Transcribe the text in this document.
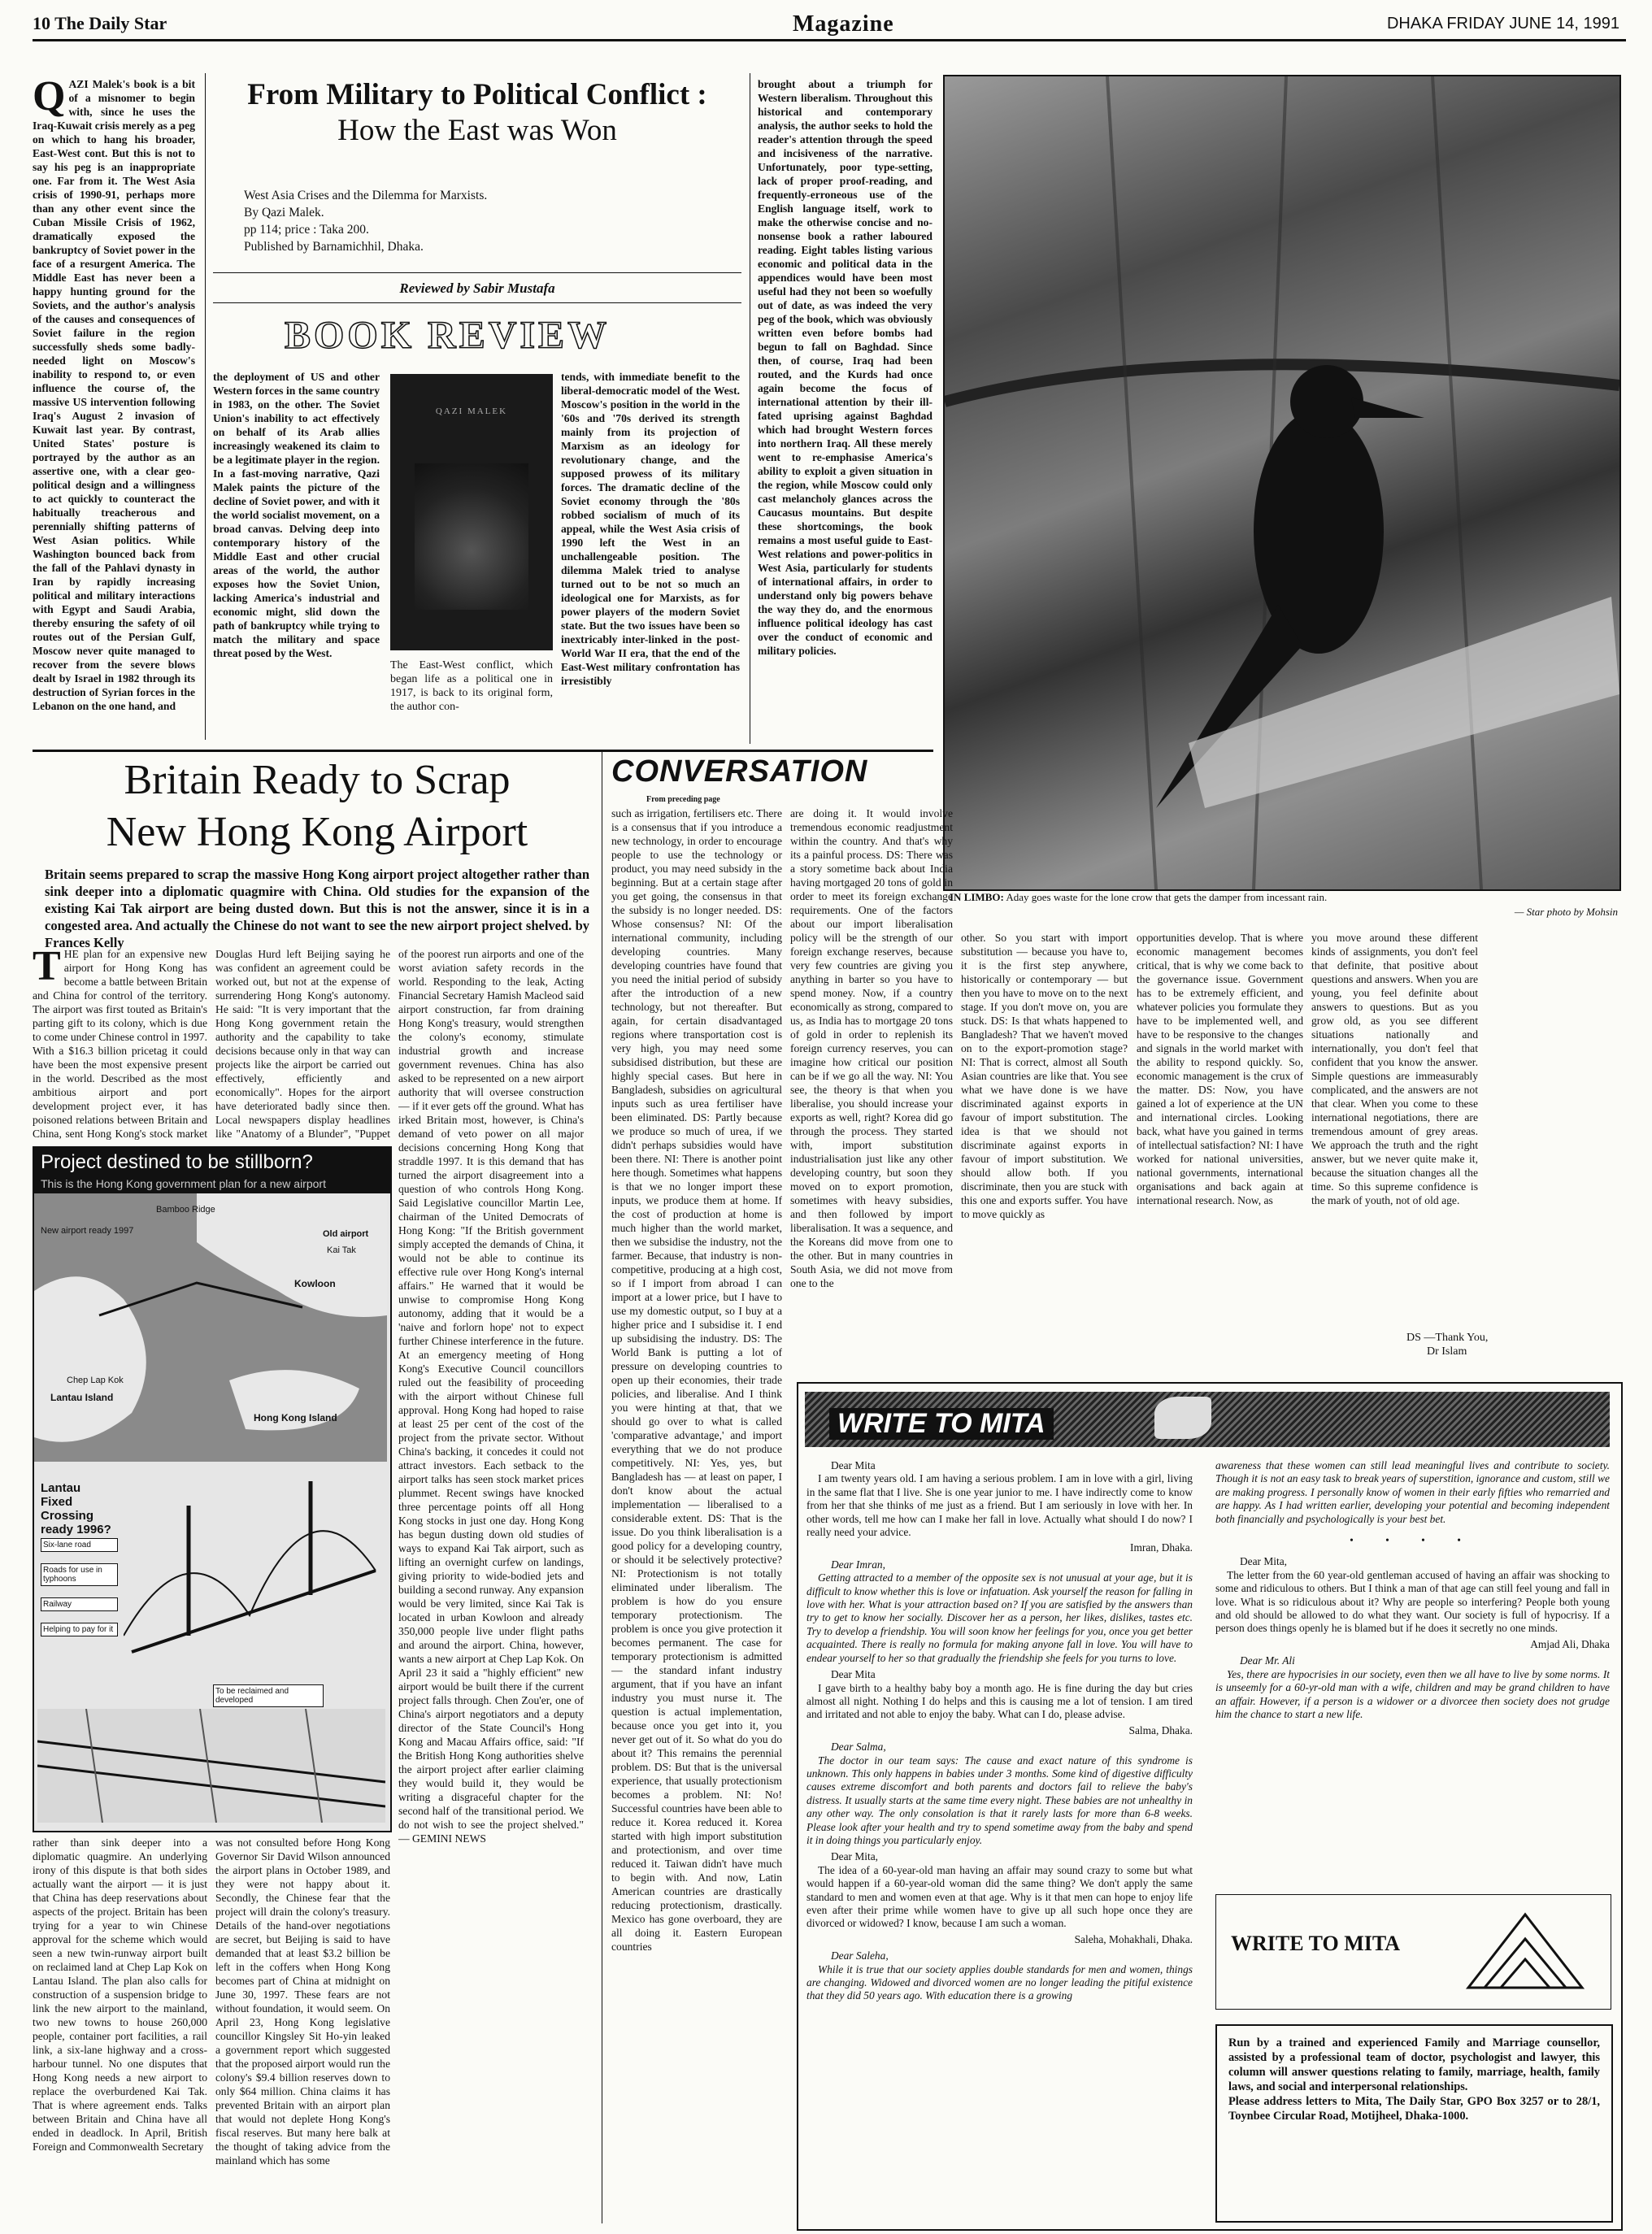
10 The Daily Star	Magazine	DHAKA FRIDAY JUNE 14, 1991
QAZI Malek's book is a bit of a misnomer to begin with, since he uses the Iraq-Kuwait crisis merely as a peg on which to hang his broader, East-West cont. But this is not to say his peg is an inappropriate one. Far from it. The West Asia crisis of 1990-91, perhaps more than any other event since the Cuban Missile Crisis of 1962, dramatically exposed the bankruptcy of Soviet power in the face of a resurgent America. The Middle East has never been a happy hunting ground for the Soviets, and the author's analysis of the causes and consequences of Soviet failure in the region successfully sheds some badly-needed light on Moscow's inability to respond to, or even influence the course of, the massive US intervention following Iraq's August 2 invasion of Kuwait last year. By contrast, United States' posture is portrayed by the author as an assertive one, with a clear geo-political design and a willingness to act quickly to counteract the habitually treacherous and perennially shifting patterns of West Asian politics. While Washington bounced back from the fall of the Pahlavi dynasty in Iran by rapidly increasing political and military interactions with Egypt and Saudi Arabia, thereby ensuring the safety of oil routes out of the Persian Gulf, Moscow never quite managed to recover from the severe blows dealt by Israel in 1982 through its destruction of Syrian forces in the Lebanon on the one hand, and
From Military to Political Conflict :
How the East was Won
West Asia Crises and the Dilemma for Marxists.
By Qazi Malek.
pp 114; price : Taka 200.
Published by Barnamichhil, Dhaka.
Reviewed by Sabir Mustafa
BOOK REVIEW
the deployment of US and other Western forces in the same country in 1983, on the other. The Soviet Union's inability to act effectively on behalf of its Arab allies increasingly weakened its claim to be a legitimate player in the region. In a fast-moving narrative, Qazi Malek paints the picture of the decline of Soviet power, and with it the world socialist movement, on a broad canvas. Delving deep into contemporary history of the Middle East and other crucial areas of the world, the author exposes how the Soviet Union, lacking America's industrial and economic might, slid down the path of bankruptcy while trying to match the military and space threat posed by the West.
QAZI MALEK
The East-West conflict, which began life as a political one in 1917, is back to its original form, the author con-
tends, with immediate benefit to the liberal-democratic model of the West. Moscow's position in the world in the '60s and '70s derived its strength mainly from its projection of Marxism as an ideology for revolutionary change, and the supposed prowess of its military forces. The dramatic decline of the Soviet economy through the '80s robbed socialism of much of its appeal, while the West Asia crisis of 1990 left the West in an unchallengeable position. The dilemma Malek tried to analyse turned out to be not so much an ideological one for Marxists, as for power players of the modern Soviet state. But the two issues have been so inextricably inter-linked in the post-World War II era, that the end of the East-West military confrontation has irresistibly
brought about a triumph for Western liberalism. Throughout this historical and contemporary analysis, the author seeks to hold the reader's attention through the speed and incisiveness of the narrative. Unfortunately, poor type-setting, lack of proper proof-reading, and frequently-erroneous use of the English language itself, work to make the otherwise concise and no-nonsense book a rather laboured reading. Eight tables listing various economic and political data in the appendices would have been most useful had they not been so woefully out of date, as was indeed the very peg of the book, which was obviously written even before bombs had begun to fall on Baghdad. Since then, of course, Iraq had been routed, and the Kurds had once again become the focus of international attention by their ill-fated uprising against Baghdad which had brought Western forces into northern Iraq. All these merely went to re-emphasise America's ability to exploit a given situation in the region, while Moscow could only cast melancholy glances across the Caucasus mountains. But despite these shortcomings, the book remains a most useful guide to East-West relations and power-politics in West Asia, particularly for students of international affairs, in order to understand only big powers behave the way they do, and the enormous influence political ideology has cast over the conduct of economic and military policies.
IN LIMBO: Aday goes waste for the lone crow that gets the damper from incessant rain.
— Star photo by Mohsin
Britain Ready to Scrap
New Hong Kong Airport
Britain seems prepared to scrap the massive Hong Kong airport project altogether rather than sink deeper into a diplomatic quagmire with China. Old studies for the expansion of the existing Kai Tak airport are being dusted down. But this is not the answer, since it is in a congested area. And actually the Chinese do not want to see the new airport project shelved. by Frances Kelly
THE plan for an expensive new airport for Hong Kong has become a battle between Britain and China for control of the territory. The airport was first touted as Britain's parting gift to its colony, which is due to come under Chinese control in 1997. With a $16.3 billion pricetag it could have been the most expensive present in the world. Described as the most ambitious airport and port development project ever, it has poisoned relations between Britain and China, sent Hong Kong's stock market
Douglas Hurd left Beijing saying he was confident an agreement could be worked out, but not at the expense of surrendering Hong Kong's autonomy. He said: "It is very important that the Hong Kong government retain the authority and the capability to take decisions because only in that way can projects like the airport be carried out effectively, efficiently and economically". Hopes for the airport have deteriorated badly since then. Local newspapers display headlines like "Anatomy of a Blunder", "Puppet
of the poorest run airports and one of the worst aviation safety records in the world. Responding to the leak, Acting Financial Secretary Hamish Macleod said airport construction, far from draining Hong Kong's treasury, would strengthen the colony's economy, stimulate industrial growth and increase government revenues. China has also asked to be represented on a new airport authority that will oversee construction — if it ever gets off the ground. What has irked Britain most, however, is China's demand of veto power on all major decisions concerning Hong Kong that straddle 1997. It is this demand that has turned the airport disagreement into a question of who controls Hong Kong. Said Legislative councillor Martin Lee, chairman of the United Democrats of Hong Kong: "If the British government simply accepted the demands of China, it would not be able to continue its effective rule over Hong Kong's internal affairs." He warned that it would be unwise to compromise Hong Kong autonomy, adding that it would be a 'naive and forlorn hope' not to expect further Chinese interference in the future. At an emergency meeting of Hong Kong's Executive Council councillors ruled out the feasibility of proceeding with the airport without Chinese full approval. Hong Kong had hoped to raise at least 25 per cent of the cost of the project from the private sector. Without China's backing, it concedes it could not attract investors. Each setback to the airport talks has seen stock market prices plummet. Recent swings have knocked three percentage points off all Hong Kong stocks in just one day. Hong Kong has begun dusting down old studies of ways to expand Kai Tak airport, such as lifting an overnight curfew on landings, giving priority to wide-bodied jets and building a second runway. Any expansion would be very limited, since Kai Tak is located in urban Kowloon and already 350,000 people live under flight paths and around the airport. China, however, wants a new airport at Chep Lap Kok. On April 23 it said a "highly efficient" new airport would be built there if the current project falls through. Chen Zou'er, one of China's airport negotiators and a deputy director of the State Council's Hong Kong and Macau Affairs office, said: "If the British Hong Kong authorities shelve the airport project after earlier claiming they would build it, they would be writing a disgraceful chapter for the second half of the transitional period. We do not wish to see the project shelved." — GEMINI NEWS
Project destined to be stillborn?
This is the Hong Kong government plan for a new airport
New airport ready 1997
Bamboo Ridge
Lantau Island
Chep Lap Kok
Kowloon
Hong Kong Island
Kai Tak
Old airport
Lantau Fixed Crossing ready 1996?
Six-lane road
Roads for use in typhoons
Railway
Helping to pay for it
To be reclaimed and developed
rather than sink deeper into a diplomatic quagmire. An underlying irony of this dispute is that both sides actually want the airport — it is just that China has deep reservations about aspects of the project. Britain has been trying for a year to win Chinese approval for the scheme which would seen a new twin-runway airport built on reclaimed land at Chep Lap Kok on Lantau Island. The plan also calls for construction of a suspension bridge to link the new airport to the mainland, two new towns to house 260,000 people, container port facilities, a rail link, a six-lane highway and a cross-harbour tunnel. No one disputes that Hong Kong needs a new airport to replace the overburdened Kai Tak. That is where agreement ends. Talks between Britain and China have all ended in deadlock. In April, British Foreign and Commonwealth Secretary
was not consulted before Hong Kong Governor Sir David Wilson announced the airport plans in October 1989, and they were not happy about it. Secondly, the Chinese fear that the project will drain the colony's treasury. Details of the hand-over negotiations are secret, but Beijing is said to have demanded that at least $3.2 billion be left in the coffers when Hong Kong becomes part of China at midnight on June 30, 1997. These fears are not without foundation, it would seem. On April 23, Hong Kong legislative councillor Kingsley Sit Ho-yin leaked a government report which suggested that the proposed airport would run the colony's $9.4 billion reserves down to only $64 million. China claims it has prevented Britain with an airport plan that would not deplete Hong Kong's fiscal reserves. But many here balk at the thought of taking advice from the mainland which has some
CONVERSATION
From preceding page
such as irrigation, fertilisers etc. There is a consensus that if you introduce a new technology, in order to encourage people to use the technology or product, you may need subsidy in the beginning. But at a certain stage after you get going, the consensus in that the subsidy is no longer needed. DS: Whose consensus? NI: Of the international community, including developing countries. Many developing countries have found that you need the initial period of subsidy after the introduction of a new technology, but not thereafter. But again, for certain disadvantaged regions where transportation cost is very high, you may need some subsidised distribution, but these are highly special cases. But here in Bangladesh, subsidies on agricultural inputs such as urea fertiliser have been eliminated. DS: Partly because we produce so much of urea, if we didn't perhaps subsidies would have been there. NI: There is another point here though. Sometimes what happens is that we no longer import these inputs, we produce them at home. If the cost of production at home is much higher than the world market, then we subsidise the industry, not the farmer. Because, that industry is non-competitive, producing at a high cost, so if I import from abroad I can import at a lower price, but I have to use my domestic output, so I buy at a higher price and I subsidise it. I end up subsidising the industry. DS: The World Bank is putting a lot of pressure on developing countries to open up their economies, their trade policies, and liberalise. And I think you were hinting at that, that we should go over to what is called 'comparative advantage,' and import everything that we do not produce competitively. NI: Yes, yes, but Bangladesh has — at least on paper, I don't know about the actual implementation — liberalised to a considerable extent. DS: That is the issue. Do you think liberalisation is a good policy for a developing country, or should it be selectively protective? NI: Protectionism is not totally eliminated under liberalism. The problem is how do you ensure temporary protectionism. The problem is once you give protection it becomes permanent. The case for temporary protectionism is admitted — the standard infant industry argument, that if you have an infant industry you must nurse it. The question is actual implementation, because once you get into it, you never get out of it. So what do you do about it? This remains the perennial problem. DS: But that is the universal experience, that usually protectionism becomes a problem. NI: No! Successful countries have been able to reduce it. Korea reduced it. Korea started with high import substitution and protectionism, and over time reduced it. Taiwan didn't have much to begin with. And now, Latin American countries are drastically reducing protectionism, drastically. Mexico has gone overboard, they are all doing it. Eastern European countries
are doing it. It would involve tremendous economic readjustment within the country. And that's why its a painful process. DS: There was a story sometime back about India having mortgaged 20 tons of gold in order to meet its foreign exchange requirements. One of the factors about our import liberalisation policy will be the strength of our foreign exchange reserves, because very few countries are giving you anything in barter so you have to spend money. Now, if a country economically as strong, compared to us, as India has to mortgage 20 tons of gold in order to replenish its foreign currency reserves, you can imagine how critical our position can be if we go all the way. NI: You see, the theory is that when you liberalise, you should increase your exports as well, right? Korea did go through the process. They started with, import substitution industrialisation just like any other developing country, but soon they moved on to export promotion, sometimes with heavy subsidies, and then followed by import liberalisation. It was a sequence, and the Koreans did move from one to the other. But in many countries in South Asia, we did not move from one to the
other. So you start with import substitution — because you have to, it is the first step anywhere, historically or contemporary — but then you have to move on to the next stage. If you don't move on, you are stuck. DS: Is that whats happened to Bangladesh? That we haven't moved on to the export-promotion stage? NI: That is correct, almost all South Asian countries are like that. You see what we have done is we have discriminated against exports in favour of import substitution. The idea is that we should not discriminate against exports in favour of import substitution. We should allow both. If you discriminate, then you are stuck with this one and exports suffer. You have to move quickly as
opportunities develop. That is where economic management becomes critical, that is why we come back to the governance issue. Government has to be extremely efficient, and whatever policies you formulate they have to be implemented well, and have to be responsive to the changes and signals in the world market with the ability to respond quickly. So, economic management is the crux of the matter. DS: Now, you have gained a lot of experience at the UN and international circles. Looking back, what have you gained in terms of intellectual satisfaction? NI: I have worked for national universities, national governments, international organisations and back again at international research. Now, as
you move around these different kinds of assignments, you don't feel that definite, that positive about questions and answers. When you are young, you feel definite about answers to questions. But as you grow old, as you see different situations nationally and internationally, you don't feel that confident that you know the answer. Simple questions are immeasurably complicated, and the answers are not that clear. When you come to these international negotiations, there are tremendous amount of grey areas. We approach the truth and the right answer, but we never quite make it, because the situation changes all the time. So this supreme confidence is the mark of youth, not of old age.
DS —Thank You,
Dr Islam
WRITE TO MITA
Dear Mita

I am twenty years old. I am having a serious problem. I am in love with a girl, living in the same flat that I live. She is one year junior to me. I have indirectly come to know from her that she thinks of me just as a friend. But I am seriously in love with her. In other words, tell me how can I make her fall in love. Actually what should I do now? I really need your advice.

Imran, Dhaka.
Dear Imran,

Getting attracted to a member of the opposite sex is not unusual at your age, but it is difficult to know whether this is love or infatuation. Ask yourself the reason for falling in love with her. What is your attraction based on? If you are satisfied by the answers than try to get to know her socially. Discover her as a person, her likes, dislikes, tastes etc. Try to develop a friendship. You will soon know her feelings for you, once you get better acquainted. There is really no formula for making anyone fall in love. You will have to endear yourself to her so that gradually the friendship she feels for you turns to love.

Dear Mita

I gave birth to a healthy baby boy a month ago. He is fine during the day but cries almost all night. Nothing I do helps and this is causing me a lot of tension. I am tired and irritated and not able to enjoy the baby. What can I do, please advise.

Salma, Dhaka.
Dear Salma,

The doctor in our team says: The cause and exact nature of this syndrome is unknown. This only happens in babies under 3 months. Some kind of digestive difficulty causes extreme discomfort and both parents and doctors fail to relieve the baby's distress. It usually starts at the same time every night. These babies are not unhealthy in any other way. The only consolation is that it rarely lasts for more than 6-8 weeks. Please look after your health and try to spend sometime away from the baby and spend it in doing things you particularly enjoy.

Dear Mita,

The idea of a 60-year-old man having an affair may sound crazy to some but what would happen if a 60-year-old woman did the same thing? We don't apply the same standard to men and women even at that age. Why is it that men can hope to enjoy life even after their prime while women have to give up all such hope once they are divorced or widowed? I know, because I am such a woman.

Saleha, Mohakhali, Dhaka.
Dear Saleha,

While it is true that our society applies double standards for men and women, things are changing. Widowed and divorced women are no longer leading the pitiful existence that they did 50 years ago. With education there is a growing

awareness that these women can still lead meaningful lives and contribute to society. Though it is not an easy task to break years of superstition, ignorance and custom, still we are making progress. I personally know of women in their early fifties who remarried and are happy. As I had written earlier, developing your potential and becoming independent both financially and psychologically is your best bet.

• • • •
Dear Mita,

The letter from the 60 year-old gentleman accused of having an affair was shocking to some and ridiculous to others. But I think a man of that age can still feel young and fall in love. What is so ridiculous about it? Why are people so interfering? People both young and old should be allowed to do what they want. Our society is full of hypocrisy. If a person does things openly he is blamed but if he does it secretly no one minds.

Amjad Ali, Dhaka
Dear Mr. Ali

Yes, there are hypocrisies in our society, even then we all have to live by some norms. It is unseemly for a 60-yr-old man with a wife, children and may be grand children to have an affair. However, if a person is a widower or a divorcee then society does not grudge him the chance to start a new life.

WRITE TO MITA
Run by a trained and experienced Family and Marriage counsellor, assisted by a professional team of doctor, psychologist and lawyer, this column will answer questions relating to family, marriage, health, family laws, and social and interpersonal relationships.
Please address letters to Mita, The Daily Star, GPO Box 3257 or to 28/1, Toynbee Circular Road, Motijheel, Dhaka-1000.
